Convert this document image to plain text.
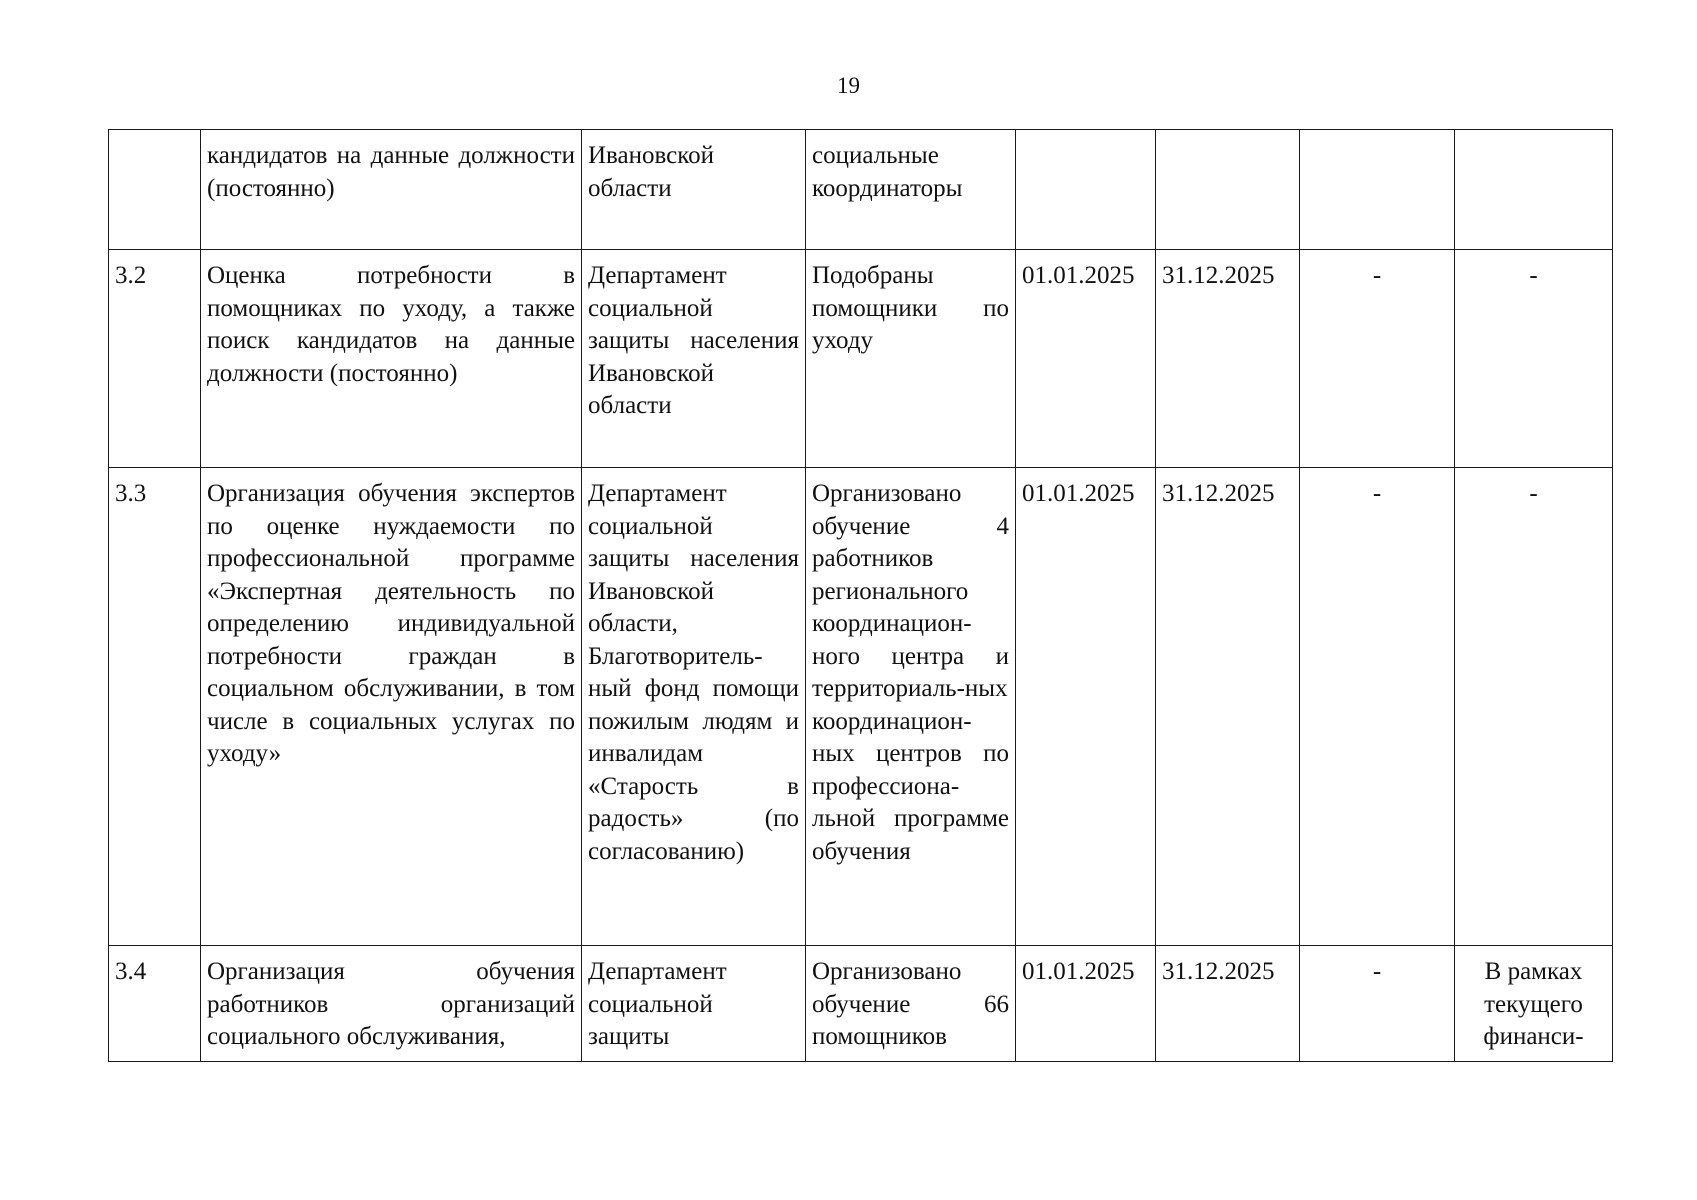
19
	кандидатов на данные должности (постоянно)	Ивановской области	социальные координаторы				
3.2	Оценка потребности в помощниках по уходу, а также поиск кандидатов на данные должности (постоянно)	Департамент социальной защиты населения Ивановской области	Подобраны помощники по уходу	01.01.2025	31.12.2025	-	-
3.3	Организация обучения экспертов по оценке нуждаемости по профессиональной программе «Экспертная деятельность по определению индивидуальной потребности граждан в социальном обслуживании, в том числе в социальных услугах по уходу»	Департамент социальной защиты населения Ивановской области, Благотворитель-ный фонд помощи пожилым людям и инвалидам «Старость в радость» (по согласованию)	Организовано обучение 4 работников регионального координацион-ного центра и территориаль-ных координацион-ных центров по профессиона-льной программе обучения	01.01.2025	31.12.2025	-	-
3.4	Организация обучения работников организаций социального обслуживания,	Департамент социальной защиты	Организовано обучение 66 помощников	01.01.2025	31.12.2025	-	В рамках текущего финанси-
